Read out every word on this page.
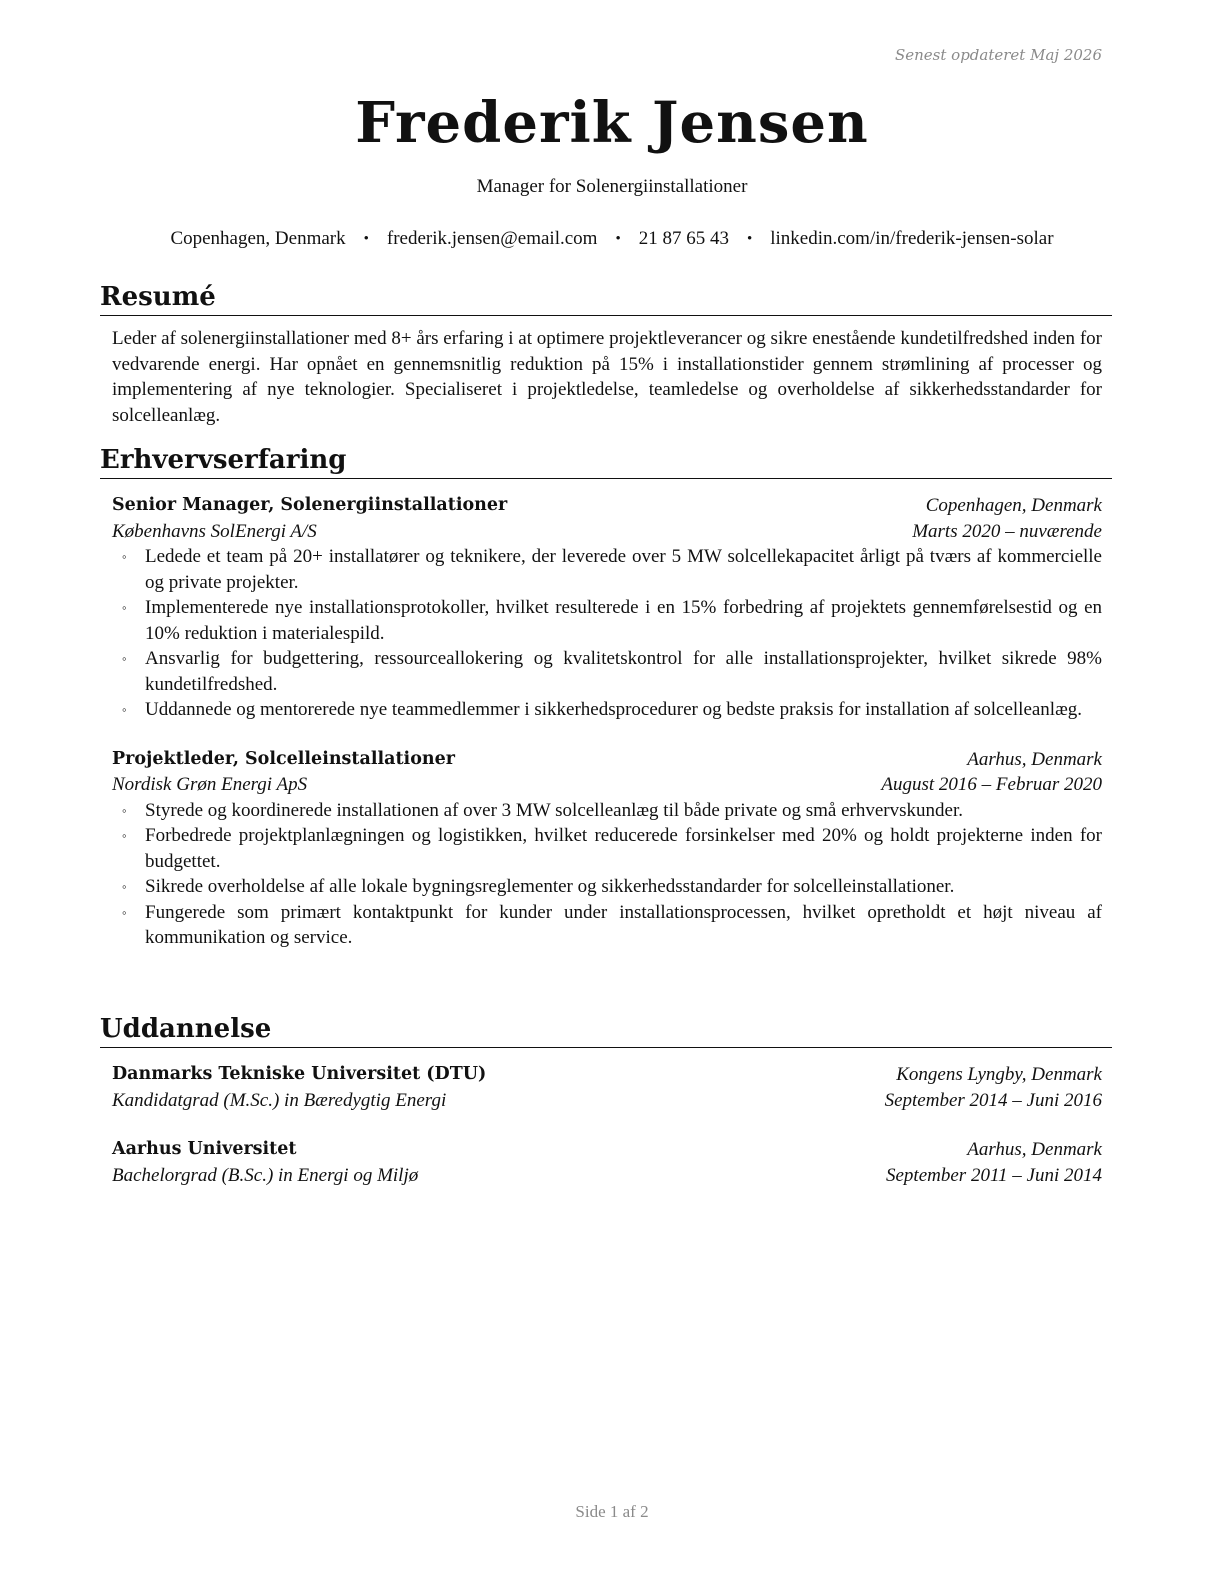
Senest opdateret Maj 2026
Frederik Jensen
Manager for Solenergiinstallationer
Copenhagen, Denmark • frederik.jensen@email.com • 21 87 65 43 • linkedin.com/in/frederik-jensen-solar
Resumé

Leder af solenergiinstallationer med 8+ års erfaring i at optimere projektleverancer og sikre enestående kundetilfredshed inden for vedvarende energi. Har opnået en gennemsnitlig reduktion på 15% i installationstider gennem strømlining af processer og implementering af nye teknologier. Specialiseret i projektledelse, teamledelse og overholdelse af sikkerhedsstandarder for solcelleanlæg.

Erhvervserfaring
Senior Manager, Solenergiinstallationer	Copenhagen, Denmark
Københavns SolEnergi A/S	Marts 2020 – nuværende
◦ Ledede et team på 20+ installatører og teknikere, der leverede over 5 MW solcellekapacitet årligt på tværs af kommercielle og private projekter.
◦ Implementerede nye installationsprotokoller, hvilket resulterede i en 15% forbedring af projektets gennemførelsestid og en 10% reduktion i materialespild.
◦ Ansvarlig for budgettering, ressourceallokering og kvalitetskontrol for alle installationsprojekter, hvilket sikrede 98% kundetilfredshed.
◦ Uddannede og mentorerede nye teammedlemmer i sikkerhedsprocedurer og bedste praksis for installation af solcelleanlæg.
Projektleder, Solcelleinstallationer	Aarhus, Denmark
Nordisk Grøn Energi ApS	August 2016 – Februar 2020
◦ Styrede og koordinerede installationen af over 3 MW solcelleanlæg til både private og små erhvervskunder.
◦ Forbedrede projektplanlægningen og logistikken, hvilket reducerede forsinkelser med 20% og holdt projekterne inden for budgettet.
◦ Sikrede overholdelse af alle lokale bygningsreglementer og sikkerhedsstandarder for solcelleinstallationer.
◦ Fungerede som primært kontaktpunkt for kunder under installationsprocessen, hvilket opretholdt et højt niveau af kommunikation og service.
Uddannelse
Danmarks Tekniske Universitet (DTU)	Kongens Lyngby, Denmark
Kandidatgrad (M.Sc.) in Bæredygtig Energi	September 2014 – Juni 2016
Aarhus Universitet	Aarhus, Denmark
Bachelorgrad (B.Sc.) in Energi og Miljø	September 2011 – Juni 2014
Side 1 af 2
